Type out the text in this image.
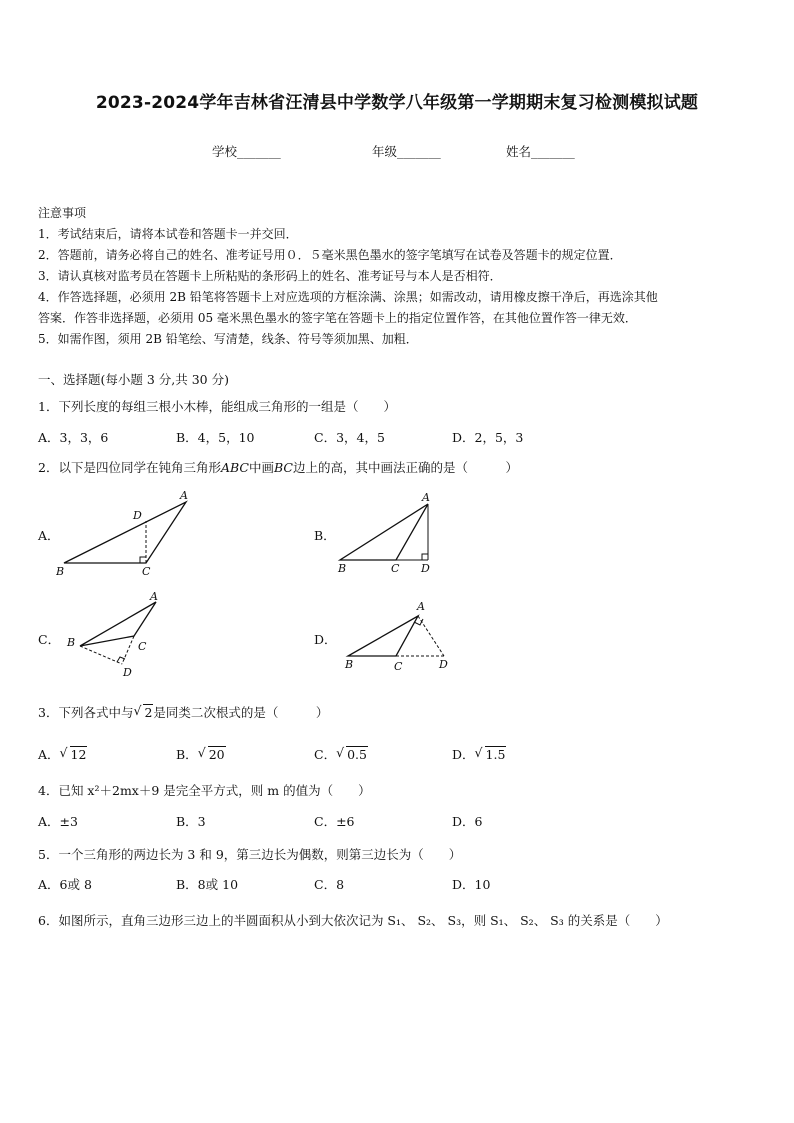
2023-2024学年吉林省汪清县中学数学八年级第一学期期末复习检测模拟试题
学校_______	年级_______	姓名_______
注意事项
1．考试结束后，请将本试卷和答题卡一并交回．
2．答题前，请务必将自己的姓名、准考证号用０．５毫米黑色墨水的签字笔填写在试卷及答题卡的规定位置．
3．请认真核对监考员在答题卡上所粘贴的条形码上的姓名、准考证号与本人是否相符．
4．作答选择题，必须用 2B 铅笔将答题卡上对应选项的方框涂满、涂黑；如需改动，请用橡皮擦干净后，再选涂其他
答案．作答非选择题，必须用 05 毫米黑色墨水的签字笔在答题卡上的指定位置作答，在其他位置作答一律无效．
5．如需作图，须用 2B 铅笔绘、写清楚，线条、符号等须加黑、加粗．
一、选择题(每小题 3 分,共 30 分)
1．下列长度的每组三根小木棒，能组成三角形的一组是（　　）
A．3，3，6	B．4，5，10	C．3，4，5	D．2，5，3
2．以下是四位同学在钝角三角形ABC中画BC边上的高，其中画法正确的是（　　　）
A．
B	C
A
D
B．
B	C
A
D
C． B	C
A
D
D．
B	C
A
D
3．下列各式中与 √ 2是同类二次根式的是（　　　）
A． √ 12	B． √ 20	C． √ 0.5	D． √ 1.5
4．已知 x²＋2mx＋9 是完全平方式，则 m 的值为（　　）
A．±3	B．3	C．±6	D．6
5．一个三角形的两边长为 3 和 9，第三边长为偶数，则第三边长为（　　）
A．6或 8	B．8或 10	C．8	D．10
6．如图所示，直角三边形三边上的半圆面积从小到大依次记为 S₁、 S₂、 S₃，则 S₁、 S₂、 S₃ 的关系是（　　）
